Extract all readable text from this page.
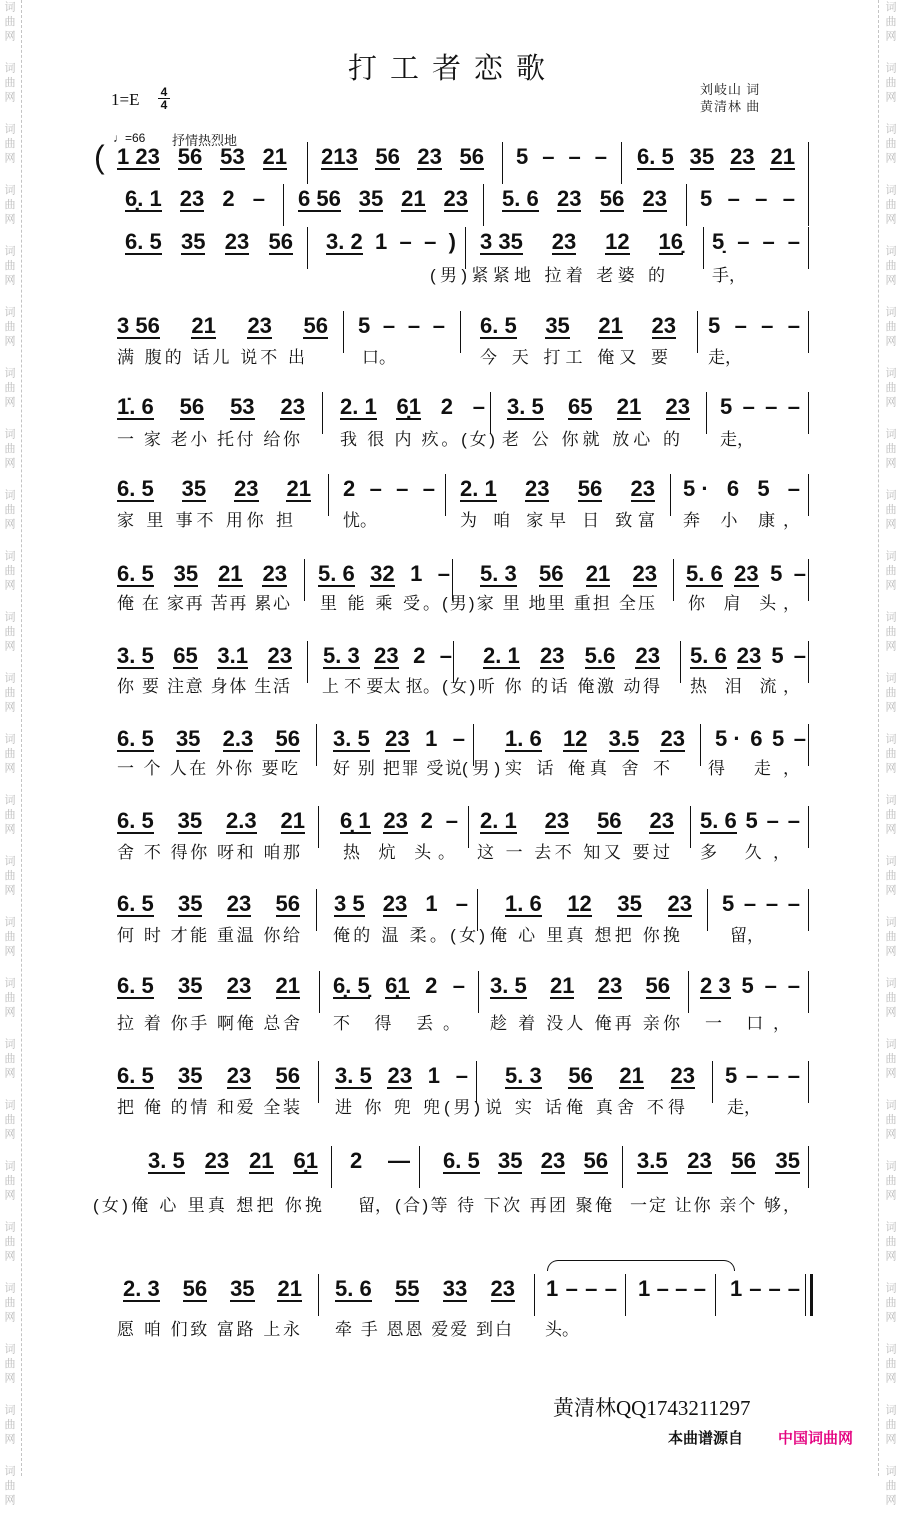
词曲网
词曲网
词曲网
词曲网
词曲网
词曲网
词曲网
词曲网
词曲网
词曲网
词曲网
词曲网
词曲网
词曲网
词曲网
词曲网
词曲网
词曲网
词曲网
词曲网
词曲网
词曲网
词曲网
词曲网
词曲网
词曲网
词曲网
词曲网
词曲网
词曲网
词曲网
词曲网
词曲网
词曲网
词曲网
词曲网
词曲网
词曲网
词曲网
词曲网
词曲网
词曲网
词曲网
词曲网
词曲网
词曲网
词曲网
词曲网
词曲网
词曲网
打工者恋歌
$1=E \frac{4}{4}$	刘岐山 词
黄清林 曲
♩=66 抒情热烈地
( 1 23 56 53 21 213 56 23 56 5 – – – 6. 5 35 23 21
6̣. 1 23 2 – 6 56 35 21 23 5. 6 23 56 23 5 – – –
6. 5 35 23 56 3. 2 1 – – ) 3 35 23 12 16̣ 5̣ – – –
(男)紧紧地 拉着 老婆 的	手，
3 56 21 23 56 5 – – – 6. 5 35 21 23 5 – – –
满 腹的 话儿 说不 出	口。	今 天 打工 俺又 要 走，
1̇. 6 56 53 23 2. 1 6̣1 2 – 3. 5 65 21 23 5 – – –
一 家 老小 托付 给你 我 很 内 疚。(女) 老 公 你就 放心 的 走，
6. 5 35 23 21 2 – – – 2. 1 23 56 23 5 · 6 5 –
家 里 事不 用你 担	忧。	为 咱 家早 日 致富 奔 小 康，
6. 5 35 21 23 5. 6 32 1 – 5. 3 56 21 23 5. 6 23 5 –
俺 在 家再 苦再 累心 里 能 乘 受。 (男)家 里 地里 重担 全压 你 肩 头，
3. 5 65 3.1 23 5. 3 23 2 – 2. 1 23 5.6 23 5. 6 23 5 –
你 要 注意 身体 生活 上 不 要太 抠。 (女)听 你 的话 俺激 动得 热 泪 流，
6. 5 35 2.3 56 3. 5 23 1 – 1. 6 12 3.5 23 5 · 6 5 –
一 个 人在 外你 要吃 好 别 把罪 受说 (男)实 话 俺真 舍 不 得 走，
6. 5 35 2.3 21 6̣ 1 23 2 – 2. 1 23 56 23 5. 6 5 – –
舍 不 得你 呀和 咱那	热 炕 头。 这 一 去不 知又 要过 多 久，
6. 5 35 23 56 3 5 23 1 – 1. 6 12 35 23 5 – – –
何 时 才能 重温 你给 俺的 温 柔。(女) 俺 心 里真 想把 你挽	留，
6. 5 35 23 21 6̣. 5̣ 6̣1 2 – 3. 5 21 23 56 2 3 5 – –
拉 着 你手 啊俺 总舍 不 得 丢。 趁 着 没人 俺再 亲你 一 口，
6. 5 35 23 56 3. 5 23 1 – 5. 3 56 21 23 5 – – –
把 俺 的情 和爱 全装 进 你 兜 兜(男) 说 实 话俺 真舍 不得 走，
3. 5 23 21 6̣1 2 — 6. 5 35 23 56 3.5 23 56 35
(女)俺 心 里真 想把 你挽 留， (合)等 待 下次 再团 聚俺 一定 让你 亲个 够，
2. 3 56 35 21 5. 6 55 33 23 1 – – – 1 – – – 1 – – –
愿 咱 们致 富路 上永 牵 手 恩恩 爱爱 到白 头。
黄清林QQ1743211297
本曲谱源自 中国词曲网
